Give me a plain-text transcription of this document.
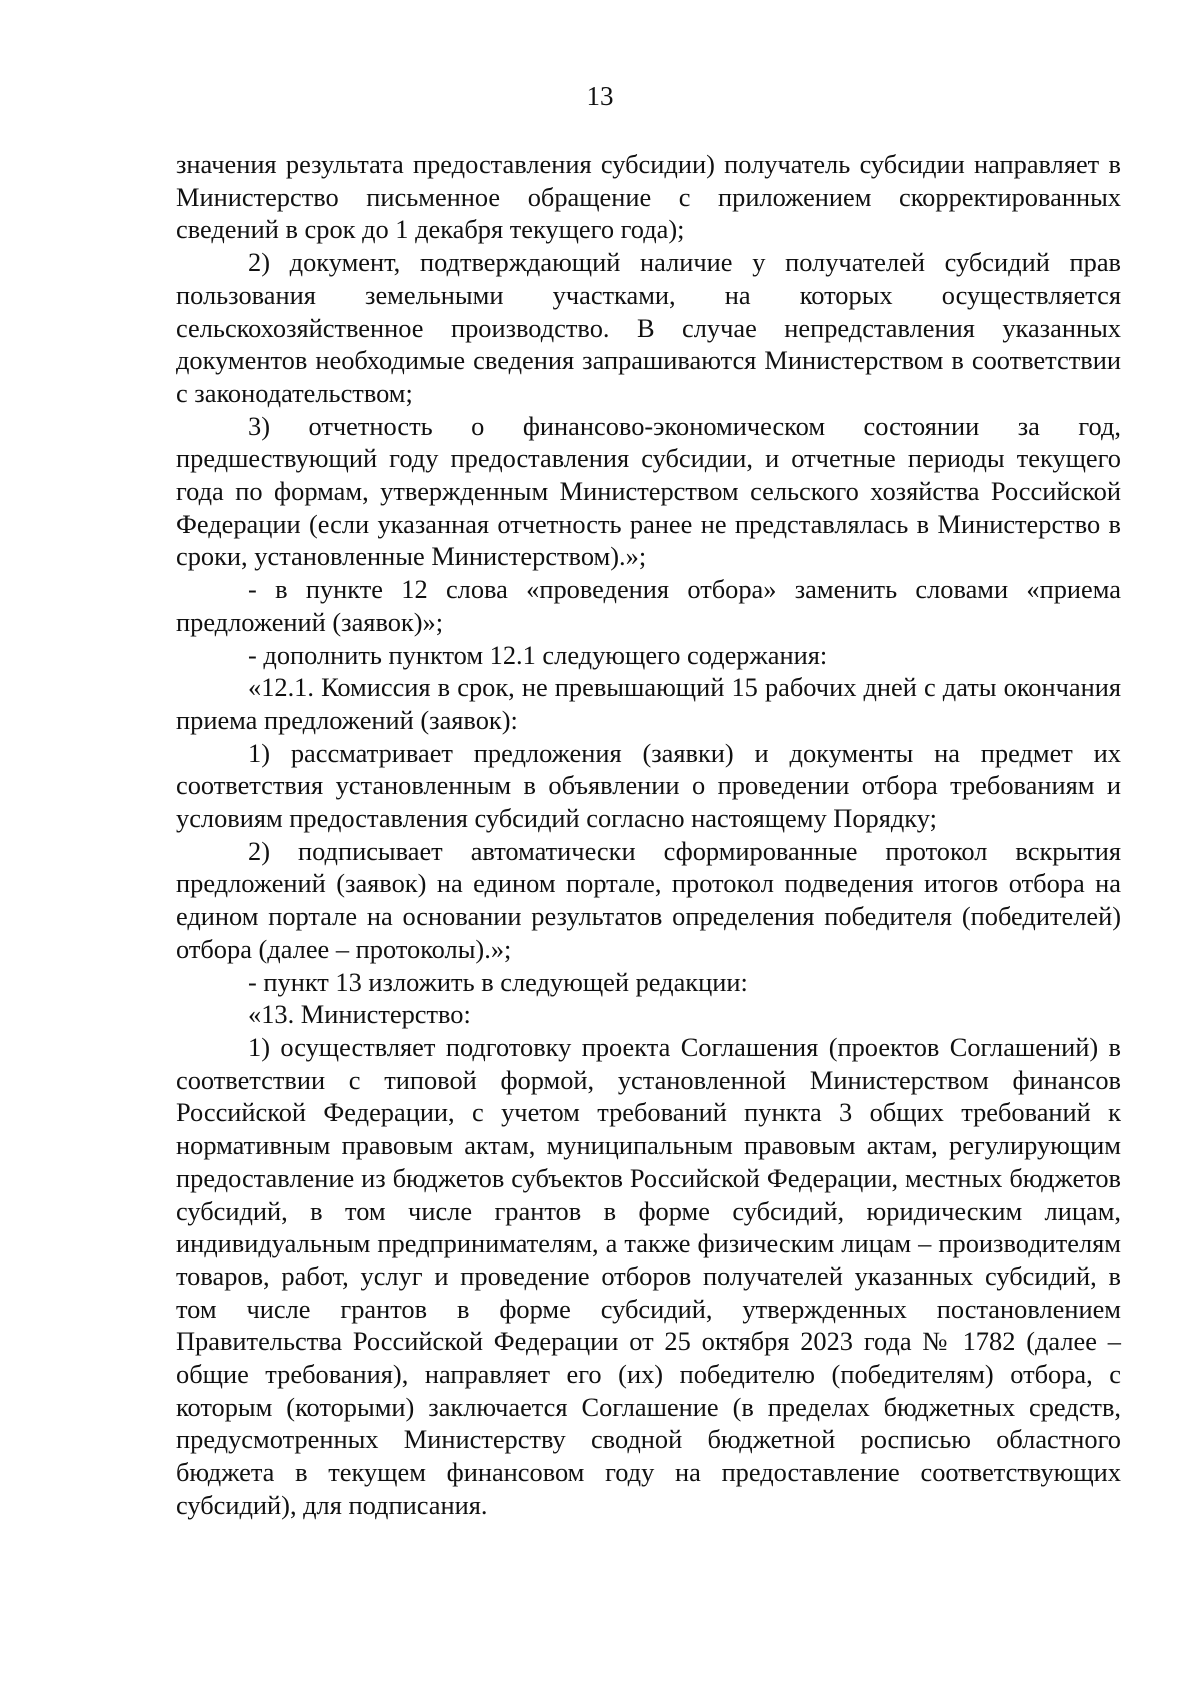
13

значения результата предоставления субсидии) получатель субсидии направляет в Министерство письменное обращение с приложением скорректированных сведений в срок до 1 декабря текущего года);

2) документ, подтверждающий наличие у получателей субсидий прав пользования земельными участками, на которых осуществляется сельскохозяйственное производство. В случае непредставления указанных документов необходимые сведения запрашиваются Министерством в соответствии с законодательством;

3) отчетность о финансово-экономическом состоянии за год, предшествующий году предоставления субсидии, и отчетные периоды текущего года по формам, утвержденным Министерством сельского хозяйства Российской Федерации (если указанная отчетность ранее не представлялась в Министерство в сроки, установленные Министерством).»;

- в пункте 12 слова «проведения отбора» заменить словами «приема предложений (заявок)»;

- дополнить пунктом 12.1 следующего содержания:

«12.1. Комиссия в срок, не превышающий 15 рабочих дней с даты окончания приема предложений (заявок):

1) рассматривает предложения (заявки) и документы на предмет их соответствия установленным в объявлении о проведении отбора требованиям и условиям предоставления субсидий согласно настоящему Порядку;

2) подписывает автоматически сформированные протокол вскрытия предложений (заявок) на едином портале, протокол подведения итогов отбора на едином портале на основании результатов определения победителя (победителей) отбора (далее – протоколы).»;

- пункт 13 изложить в следующей редакции:

«13. Министерство:

1) осуществляет подготовку проекта Соглашения (проектов Соглашений) в соответствии с типовой формой, установленной Министерством финансов Российской Федерации, с учетом требований пункта 3 общих требований к нормативным правовым актам, муниципальным правовым актам, регулирующим предоставление из бюджетов субъектов Российской Федерации, местных бюджетов субсидий, в том числе грантов в форме субсидий, юридическим лицам, индивидуальным предпринимателям, а также физическим лицам – производителям товаров, работ, услуг и проведение отборов получателей указанных субсидий, в том числе грантов в форме субсидий, утвержденных постановлением Правительства Российской Федерации от 25 октября 2023 года № 1782 (далее – общие требования), направляет его (их) победителю (победителям) отбора, с которым (которыми) заключается Соглашение (в пределах бюджетных средств, предусмотренных Министерству сводной бюджетной росписью областного бюджета в текущем финансовом году на предоставление соответствующих субсидий), для подписания.
